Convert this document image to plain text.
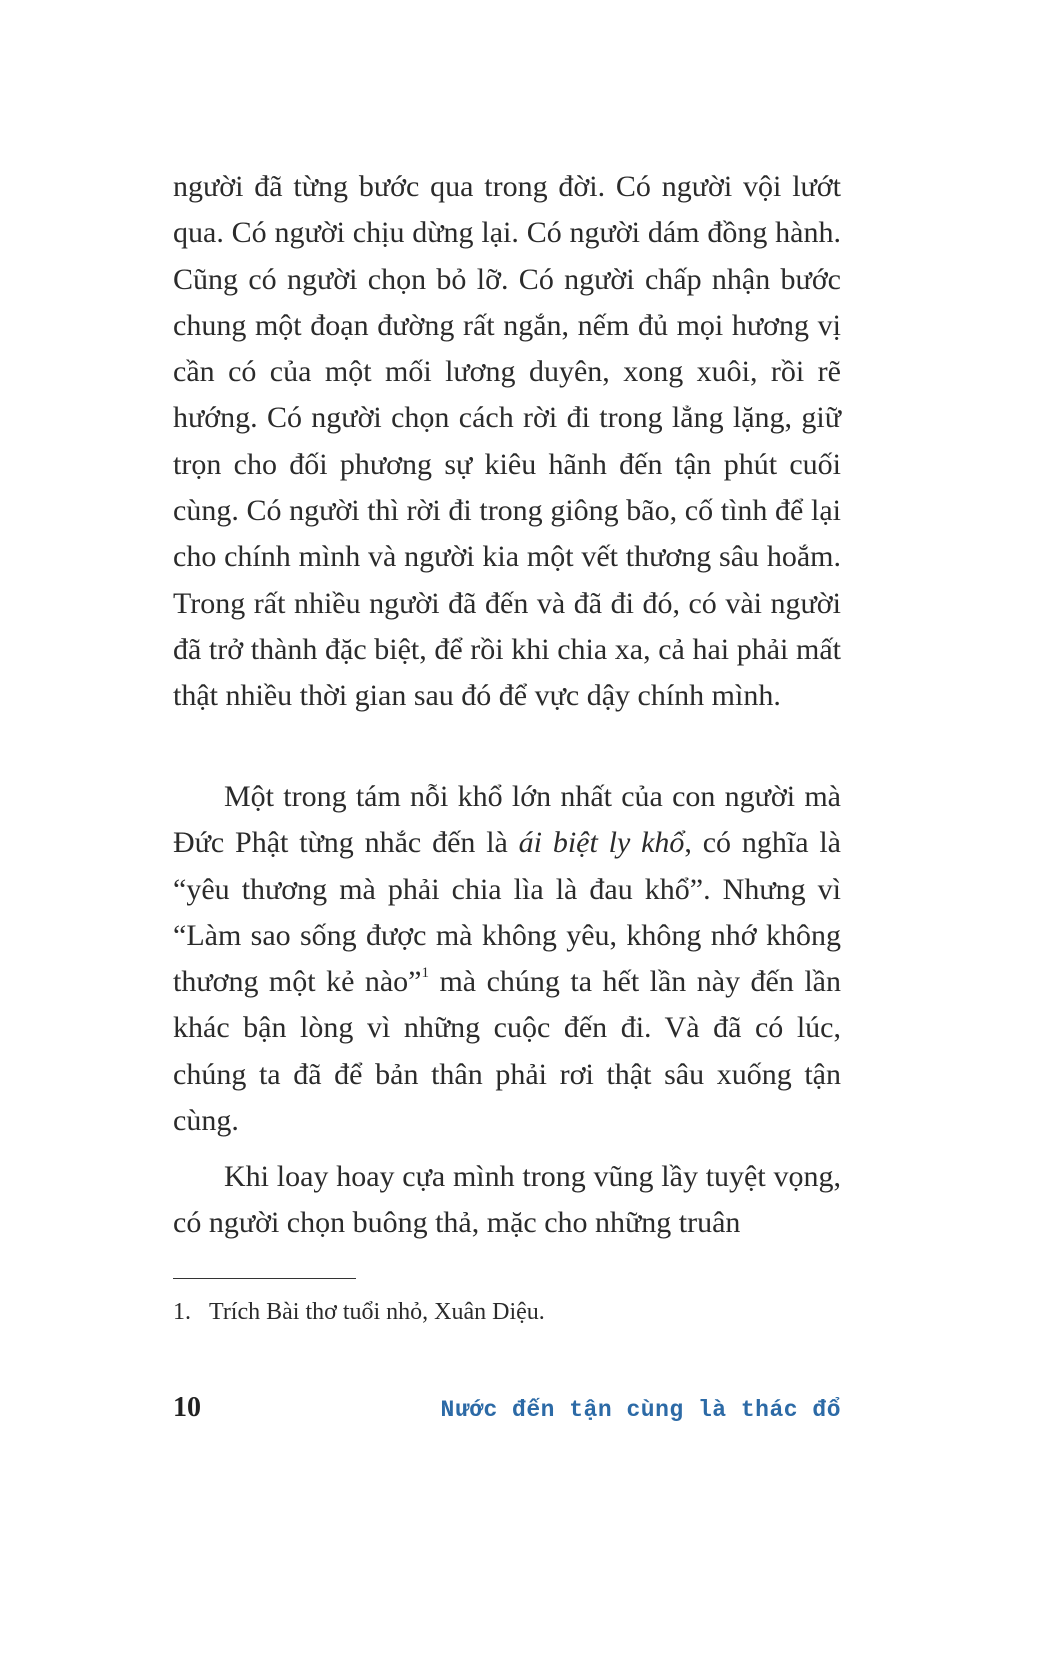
người đã từng bước qua trong đời. Có người vội lướt qua. Có người chịu dừng lại. Có người dám đồng hành. Cũng có người chọn bỏ lỡ. Có người chấp nhận bước chung một đoạn đường rất ngắn, nếm đủ mọi hương vị cần có của một mối lương duyên, xong xuôi, rồi rẽ hướng. Có người chọn cách rời đi trong lẳng lặng, giữ trọn cho đối phương sự kiêu hãnh đến tận phút cuối cùng. Có người thì rời đi trong giông bão, cố tình để lại cho chính mình và người kia một vết thương sâu hoắm. Trong rất nhiều người đã đến và đã đi đó, có vài người đã trở thành đặc biệt, để rồi khi chia xa, cả hai phải mất thật nhiều thời gian sau đó để vực dậy chính mình.

Một trong tám nỗi khổ lớn nhất của con người mà Đức Phật từng nhắc đến là ái biệt ly khổ, có nghĩa là “yêu thương mà phải chia lìa là đau khổ”. Nhưng vì “Làm sao sống được mà không yêu, không nhớ không thương một kẻ nào”$^1$ mà chúng ta hết lần này đến lần khác bận lòng vì những cuộc đến đi. Và đã có lúc, chúng ta đã để bản thân phải rơi thật sâu xuống tận cùng.

Khi loay hoay cựa mình trong vũng lầy tuyệt vọng, có người chọn buông thả, mặc cho những truân

1. Trích Bài thơ tuổi nhỏ, Xuân Diệu.
10	Nước đến tận cùng là thác đổ
